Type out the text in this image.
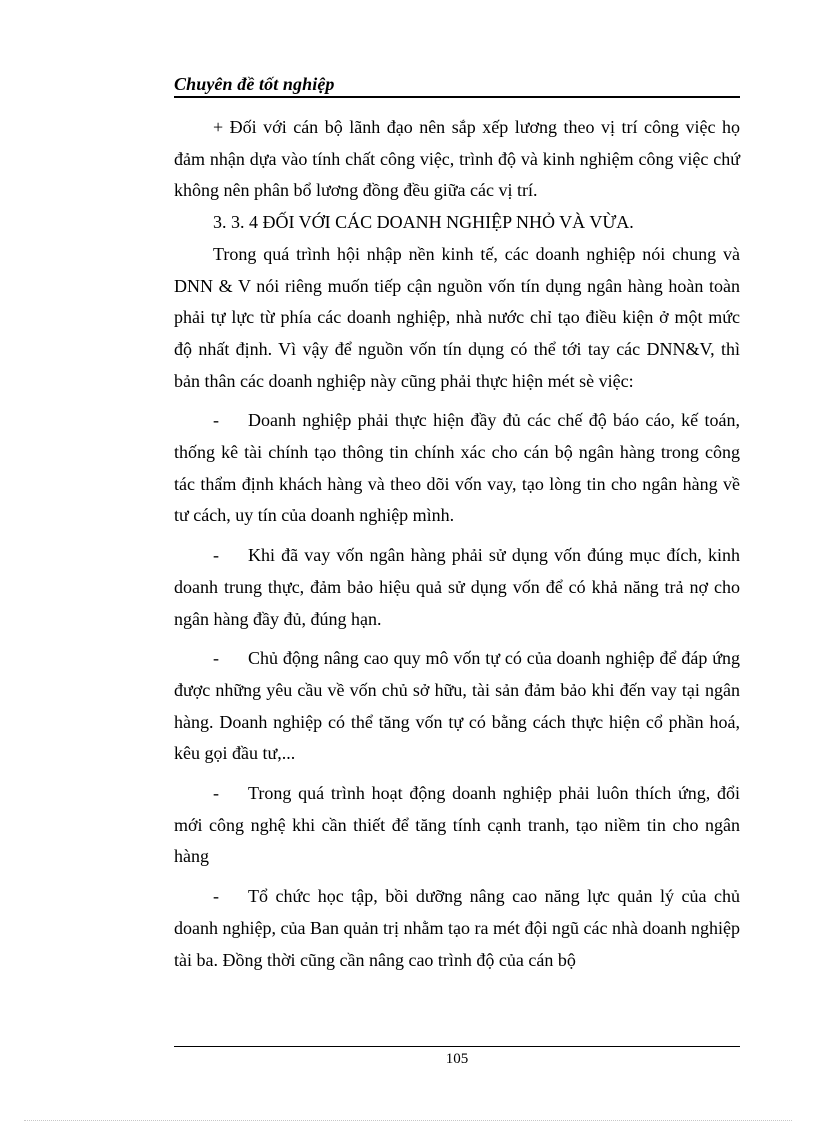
Chuyên đề tốt nghiệp

+ Đối với cán bộ lãnh đạo nên sắp xếp lương theo vị trí công việc họ đảm nhận dựa vào tính chất công việc, trình độ và kinh nghiệm công việc chứ không nên phân bổ lương đồng đều giữa các vị trí.

3. 3. 4 ĐỐI VỚI CÁC DOANH NGHIỆP NHỎ VÀ VỪA.

Trong quá trình hội nhập nền kinh tế, các doanh nghiệp nói chung và DNN & V nói riêng muốn tiếp cận nguồn vốn tín dụng ngân hàng hoàn toàn phải tự lực từ phía các doanh nghiệp, nhà nước chỉ tạo điều kiện ở một mức độ nhất định. Vì vậy để nguồn vốn tín dụng có thể tới tay các DNN&V, thì bản thân các doanh nghiệp này cũng phải thực hiện mét sè việc:

- Doanh nghiệp phải thực hiện đầy đủ các chế độ báo cáo, kế toán, thống kê tài chính tạo thông tin chính xác cho cán bộ ngân hàng trong công tác thẩm định khách hàng và theo dõi vốn vay, tạo lòng tin cho ngân hàng về tư cách, uy tín của doanh nghiệp mình.

- Khi đã vay vốn ngân hàng phải sử dụng vốn đúng mục đích, kinh doanh trung thực, đảm bảo hiệu quả sử dụng vốn để có khả năng trả nợ cho ngân hàng đầy đủ, đúng hạn.

- Chủ động nâng cao quy mô vốn tự có của doanh nghiệp để đáp ứng được những yêu cầu về vốn chủ sở hữu, tài sản đảm bảo khi đến vay tại ngân hàng. Doanh nghiệp có thể tăng vốn tự có bằng cách thực hiện cổ phần hoá, kêu gọi đầu tư,...

- Trong quá trình hoạt động doanh nghiệp phải luôn thích ứng, đổi mới công nghệ khi cần thiết để tăng tính cạnh tranh, tạo niềm tin cho ngân hàng

- Tổ chức học tập, bồi dưỡng nâng cao năng lực quản lý của chủ doanh nghiệp, của Ban quản trị nhằm tạo ra mét đội ngũ các nhà doanh nghiệp tài ba. Đồng thời cũng cần nâng cao trình độ của cán bộ

105
